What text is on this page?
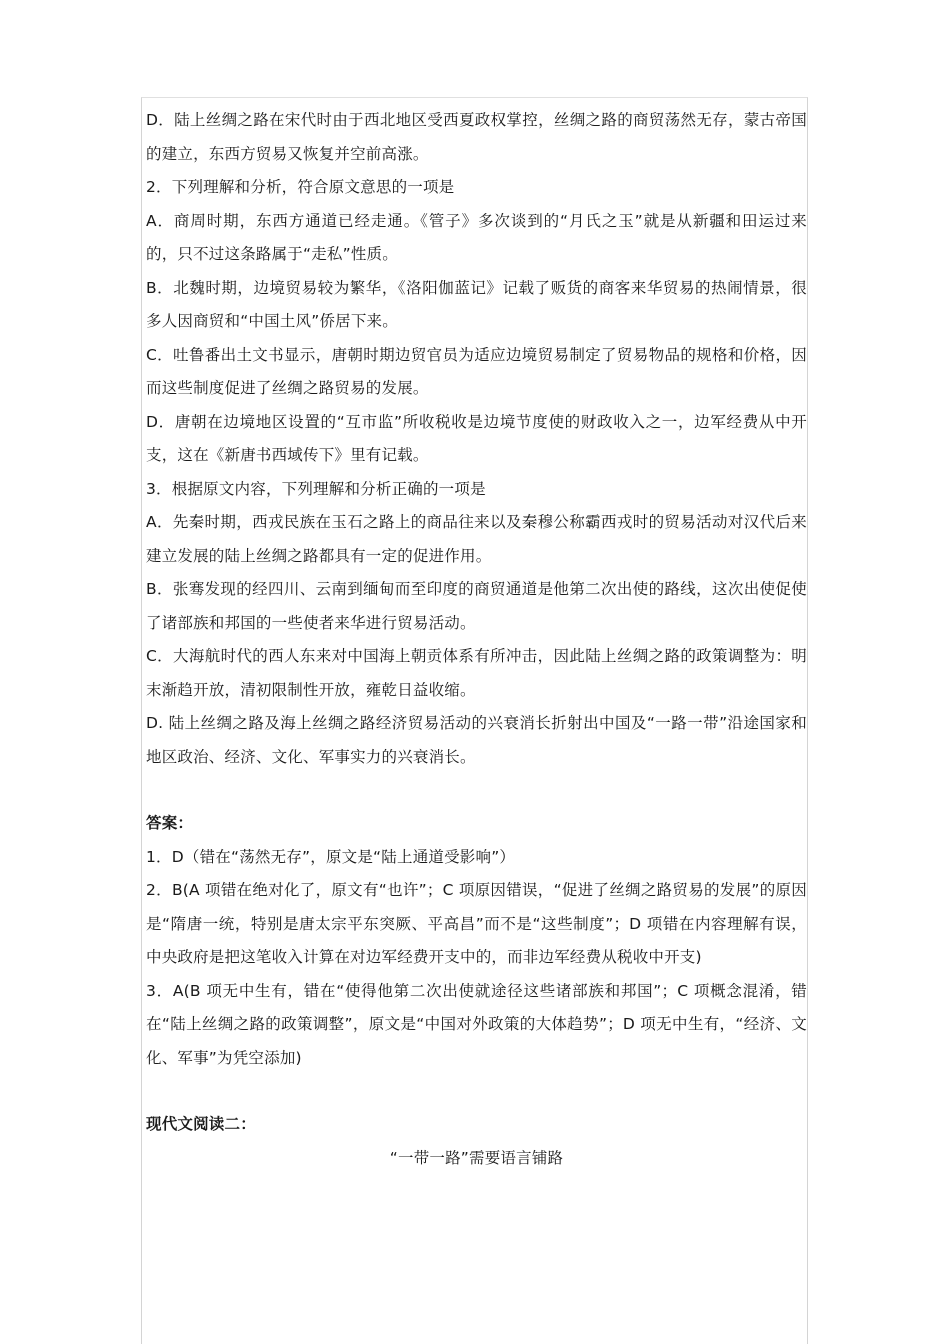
D．陆上丝绸之路在宋代时由于西北地区受西夏政权掌控，丝绸之路的商贸荡然无存，蒙古帝国的建立，东西方贸易又恢复并空前高涨。

2．下列理解和分析，符合原文意思的一项是

A．商周时期，东西方通道已经走通。《管子》多次谈到的“月氏之玉”就是从新疆和田运过来的，只不过这条路属于“走私”性质。

B．北魏时期，边境贸易较为繁华，《洛阳伽蓝记》记载了贩货的商客来华贸易的热闹情景，很多人因商贸和“中国土风”侨居下来。

C．吐鲁番出土文书显示，唐朝时期边贸官员为适应边境贸易制定了贸易物品的规格和价格，因而这些制度促进了丝绸之路贸易的发展。

D．唐朝在边境地区设置的“互市监”所收税收是边境节度使的财政收入之一，边军经费从中开支，这在《新唐书西域传下》里有记载。

3．根据原文内容，下列理解和分析正确的一项是

A．先秦时期，西戎民族在玉石之路上的商品往来以及秦穆公称霸西戎时的贸易活动对汉代后来建立发展的陆上丝绸之路都具有一定的促进作用。

B．张骞发现的经四川、云南到缅甸而至印度的商贸通道是他第二次出使的路线，这次出使促使了诸部族和邦国的一些使者来华进行贸易活动。

C．大海航时代的西人东来对中国海上朝贡体系有所冲击，因此陆上丝绸之路的政策调整为：明末渐趋开放，清初限制性开放，雍乾日益收缩。

D. 陆上丝绸之路及海上丝绸之路经济贸易活动的兴衰消长折射出中国及“一路一带”沿途国家和地区政治、经济、文化、军事实力的兴衰消长。

答案：

1．D（错在“荡然无存”，原文是“陆上通道受影响”）

2．B(A 项错在绝对化了，原文有“也许”；C 项原因错误，“促进了丝绸之路贸易的发展”的原因是“隋唐一统，特别是唐太宗平东突厥、平高昌”而不是“这些制度”；D 项错在内容理解有误，中央政府是把这笔收入计算在对边军经费开支中的，而非边军经费从税收中开支)

3．A(B 项无中生有，错在“使得他第二次出使就途径这些诸部族和邦国”；C 项概念混淆，错在“陆上丝绸之路的政策调整”，原文是“中国对外政策的大体趋势”；D 项无中生有，“经济、文化、军事”为凭空添加)

现代文阅读二：

“一带一路”需要语言铺路
